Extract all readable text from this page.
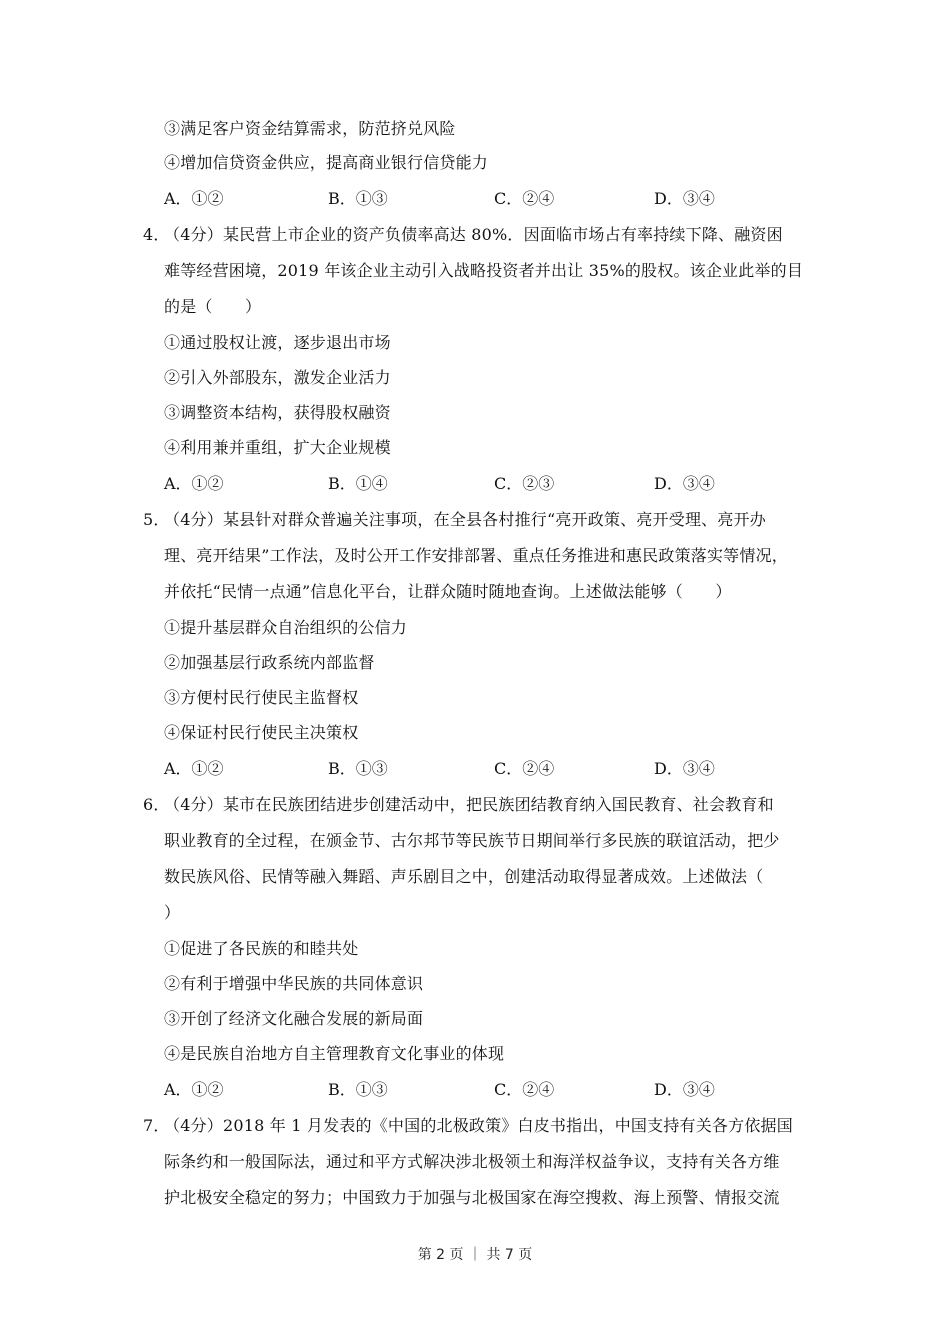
③满足客户资金结算需求，防范挤兑风险
④增加信贷资金供应，提高商业银行信贷能力
A．①②	B．①③	C．②④	D．③④
4．
（4分）某民营上市企业的资产负债率高达 80%．因面临市场占有率持续下降、融资困
难等经营困境，2019 年该企业主动引入战略投资者并出让 35%的股权。该企业此举的目
的是（　　）
①通过股权让渡，逐步退出市场
②引入外部股东，激发企业活力
③调整资本结构，获得股权融资
④利用兼并重组，扩大企业规模
A．①②	B．①④	C．②③	D．③④
5．
（4分）某县针对群众普遍关注事项，在全县各村推行“亮开政策、亮开受理、亮开办
理、亮开结果”工作法，及时公开工作安排部署、重点任务推进和惠民政策落实等情况，
并依托“民情一点通”信息化平台，让群众随时随地查询。上述做法能够（　　）
①提升基层群众自治组织的公信力
②加强基层行政系统内部监督
③方便村民行使民主监督权
④保证村民行使民主决策权
A．①②	B．①③	C．②④	D．③④
6．
（4分）某市在民族团结进步创建活动中，把民族团结教育纳入国民教育、社会教育和
职业教育的全过程，在颁金节、古尔邦节等民族节日期间举行多民族的联谊活动，把少
数民族风俗、民情等融入舞蹈、声乐剧目之中，创建活动取得显著成效。上述做法（
）
①促进了各民族的和睦共处
②有利于增强中华民族的共同体意识
③开创了经济文化融合发展的新局面
④是民族自治地方自主管理教育文化事业的体现
A．①②	B．①③	C．②④	D．③④
7．
（4分）2018 年 1 月发表的《中国的北极政策》白皮书指出，中国支持有关各方依据国
际条约和一般国际法，通过和平方式解决涉北极领土和海洋权益争议，支持有关各方维
护北极安全稳定的努力；中国致力于加强与北极国家在海空搜救、海上预警、情报交流
第 2 页 ｜ 共 7 页
